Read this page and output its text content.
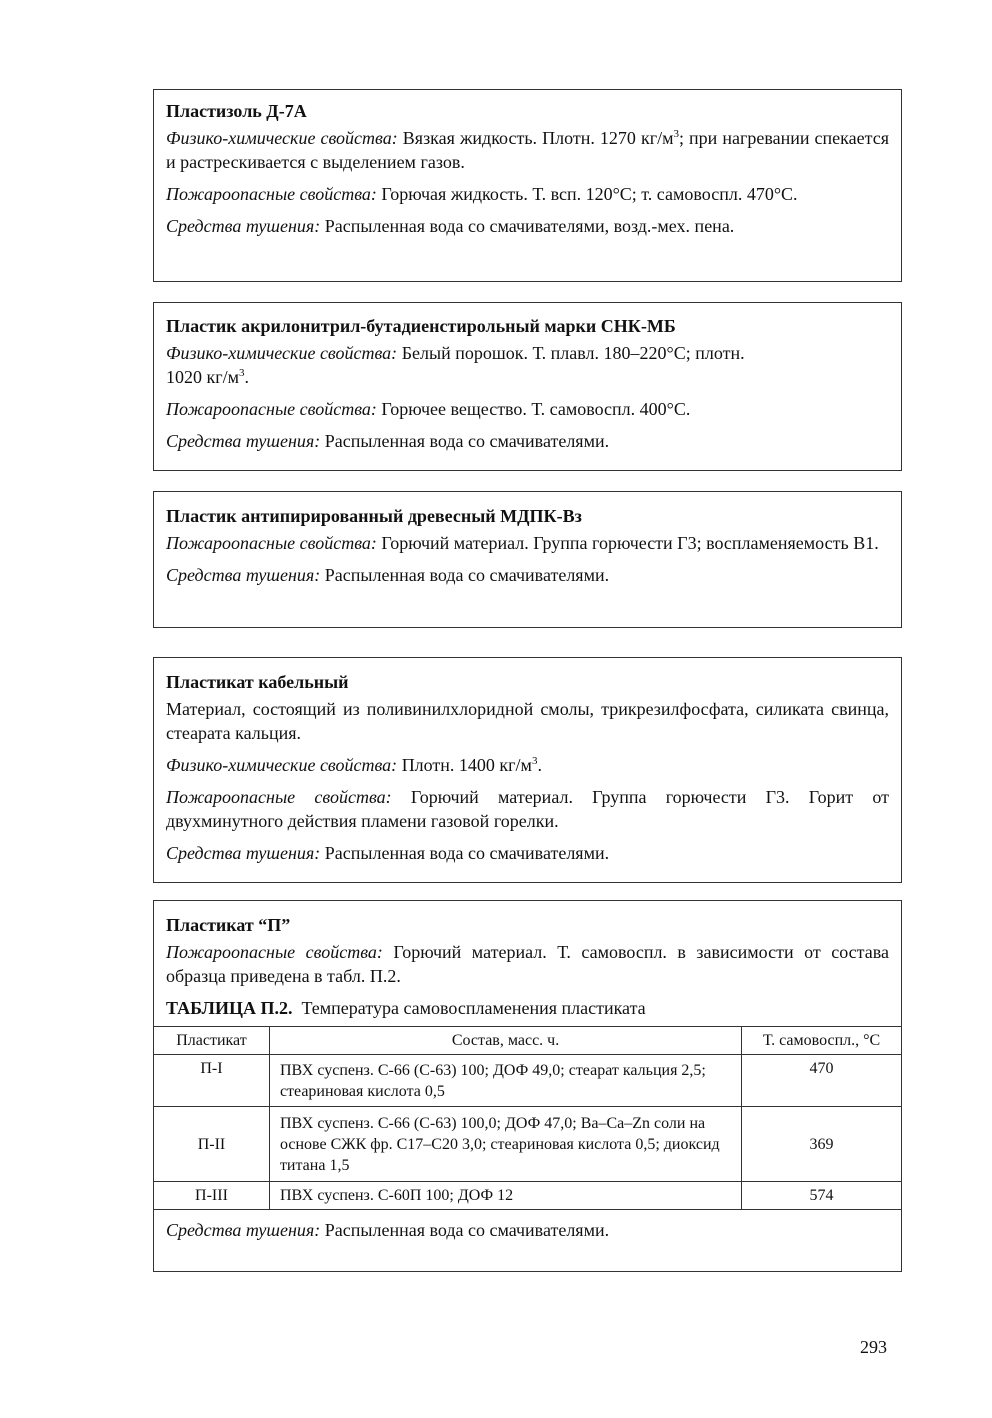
Пластизоль Д-7А
Физико-химические свойства: Вязкая жидкость. Плотн. 1270 $кг/м^3$; при нагревании спекается и растрескивается с выделением газов.
Пожароопасные свойства: Горючая жидкость. Т. всп. 120°С; т. самовоспл. 470°С.
Средства тушения: Распыленная вода со смачивателями, возд.-мех. пена.
Пластик акрилонитрил-бутадиенстирольный марки СНК-МБ
Физико-химические свойства: Белый порошок. Т. плавл. 180–220°С; плотн.
1020 $кг/м^3$.
Пожароопасные свойства: Горючее вещество. Т. самовоспл. 400°С.
Средства тушения: Распыленная вода со смачивателями.
Пластик антипирированный древесный МДПК-Вз
Пожароопасные свойства: Горючий материал. Группа горючести Г3; воспламеняемость В1.
Средства тушения: Распыленная вода со смачивателями.
Пластикат кабельный
Материал, состоящий из поливинилхлоридной смолы, трикрезилфосфата, силиката свинца, стеарата кальция.
Физико-химические свойства: Плотн. 1400 $кг/м^3$.
Пожароопасные свойства: Горючий материал. Группа горючести Г3. Горит от двухминутного действия пламени газовой горелки.
Средства тушения: Распыленная вода со смачивателями.
Пластикат “П”
Пожароопасные свойства: Горючий материал. Т. самовоспл. в зависимости от состава образца приведена в табл. П.2.
ТАБЛИЦА П.2.  Температура самовоспламенения пластиката
Пластикат	Состав, масс. ч.	Т. самовоспл., °С
П-I	ПВХ суспенз. С-66 (С-63) 100; ДОФ 49,0; стеарат кальция 2,5; стеариновая кислота 0,5	470
П-II	ПВХ суспенз. С-66 (С-63) 100,0; ДОФ 47,0; Ba–Ca–Zn соли на основе СЖК фр. С17–С20 3,0; стеариновая кислота 0,5; диоксид титана 1,5	369
П-III	ПВХ суспенз. С-60П 100; ДОФ 12	574
Средства тушения: Распыленная вода со смачивателями.
293
